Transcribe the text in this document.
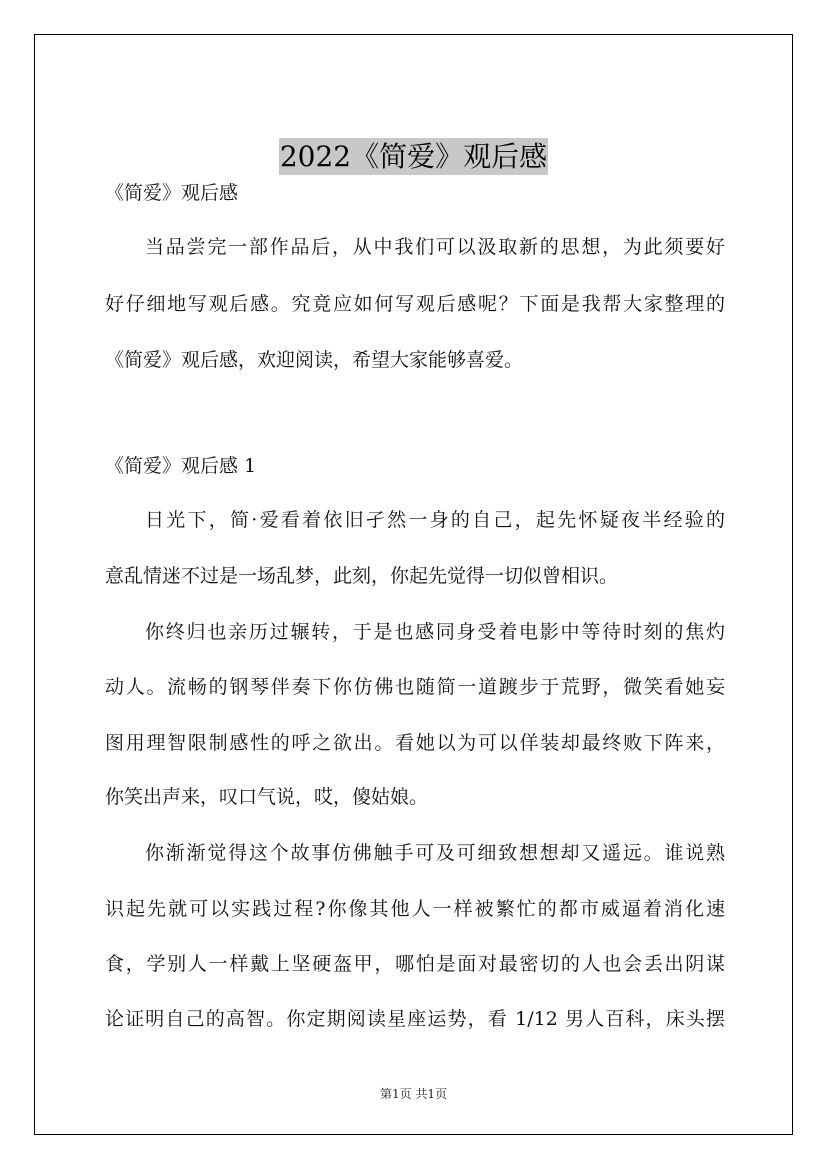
2022《简爱》观后感
《简爱》观后感
当品尝完一部作品后，从中我们可以汲取新的思想，为此须要好
好仔细地写观后感。究竟应如何写观后感呢？下面是我帮大家整理的
《简爱》观后感，欢迎阅读，希望大家能够喜爱。
《简爱》观后感 1
日光下，简·爱看着依旧孑然一身的自己，起先怀疑夜半经验的
意乱情迷不过是一场乱梦，此刻，你起先觉得一切似曾相识。
你终归也亲历过辗转，于是也感同身受着电影中等待时刻的焦灼
动人。流畅的钢琴伴奏下你仿佛也随简一道踱步于荒野，微笑看她妄
图用理智限制感性的呼之欲出。看她以为可以佯装却最终败下阵来，
你笑出声来，叹口气说，哎，傻姑娘。
你渐渐觉得这个故事仿佛触手可及可细致想想却又遥远。谁说熟
识起先就可以实践过程?你像其他人一样被繁忙的都市威逼着消化速
食，学别人一样戴上坚硬盔甲，哪怕是面对最密切的人也会丢出阴谋
论证明自己的高智。你定期阅读星座运势，看 1/12 男人百科，床头摆
第1页 共1页
